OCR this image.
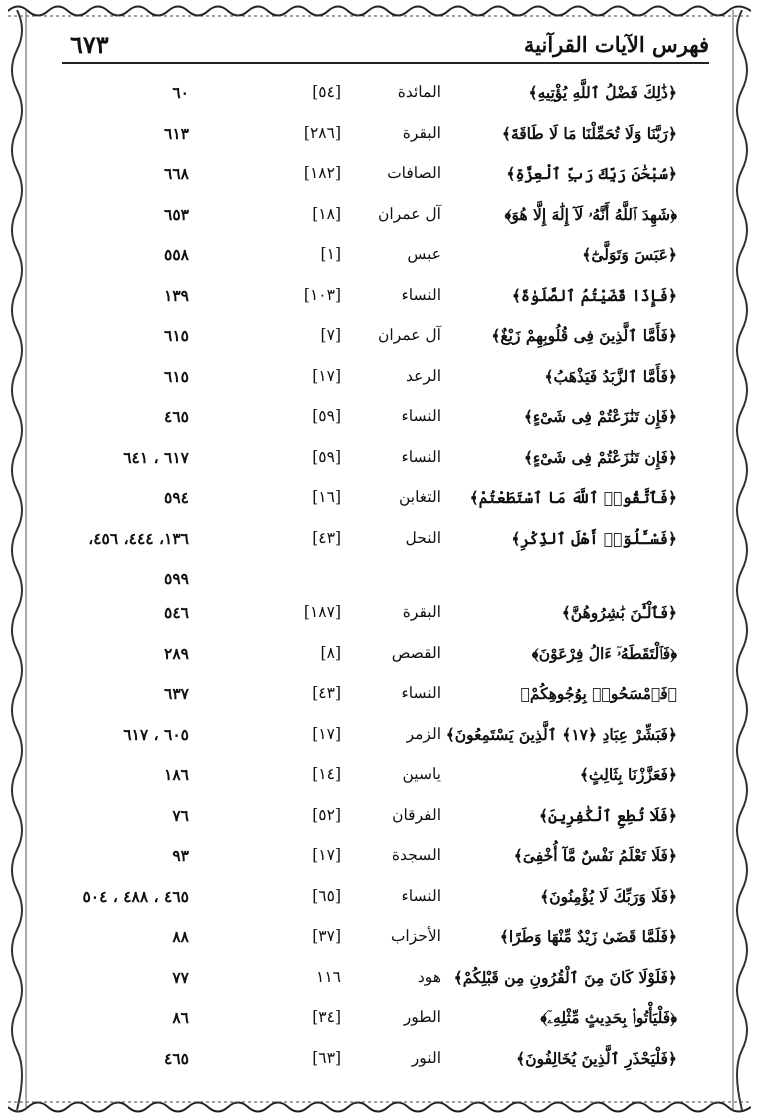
فهرس الآيات القرآنية
٦٧٣
﴿ذَٰلِكَ فَضْلُ ٱللَّهِ يُؤْتِيهِ﴾
المائدة
[٥٤]
٦٠
﴿رَبَّنَا وَلَا تُحَمِّلْنَا مَا لَا طَاقَةَ﴾
البقرة
[٢٨٦]
٦١٣
﴿سُبْحَٰنَ رَبِّكَ رَبِّ ٱلْعِزَّةِ﴾
الصافات
[١٨٢]
٦٦٨
﴿شَهِدَ ٱللَّهُ أَنَّهُۥ لَآ إِلَٰهَ إِلَّا هُوَ﴾
آل عمران
[١٨]
٦٥٣
﴿عَبَسَ وَتَوَلَّىٰٓ﴾
عبس
[١]
٥٥٨
﴿فَإِذَا قَضَيْتُمُ ٱلصَّلَوٰةَ﴾
النساء
[١٠٣]
١٣٩
﴿فَأَمَّا ٱلَّذِينَ فِى قُلُوبِهِمْ زَيْغٌ﴾
آل عمران
[٧]
٦١٥
﴿فَأَمَّا ٱلزَّبَدُ فَيَذْهَبُ﴾
الرعد
[١٧]
٦١٥
﴿فَإِن تَنَٰزَعْتُمْ فِى شَىْءٍ﴾
النساء
[٥٩]
٤٦٥
﴿فَإِن تَنَٰزَعْتُمْ فِى شَىْءٍ﴾
النساء
[٥٩]
٦١٧ ، ٦٤١
﴿فَٱتَّقُوا۟ ٱللَّهَ مَا ٱسْتَطَعْتُمْ﴾
التغابن
[١٦]
٥٩٤
﴿فَسْـَٔلُوٓا۟ أَهْلَ ٱلذِّكْرِ﴾
النحل
[٤٣]
١٣٦، ٤٤٤، ٤٥٦،
٥٩٩
﴿فَٱلْـَٰٔنَ بَٰشِرُوهُنَّ﴾
البقرة
[١٨٧]
٥٤٦
﴿فَٱلْتَقَطَهُۥٓ ءَالُ فِرْعَوْنَ﴾
القصص
[٨]
٢٨٩
﴿فَٱمْسَحُوا۟ بِوُجُوهِكُمْ﴾
النساء
[٤٣]
٦٣٧
﴿فَبَشِّرْ عِبَادِ ﴿١٧﴾ ٱلَّذِينَ يَسْتَمِعُونَ﴾
الزمر
[١٧]
٦٠٥ ، ٦١٧
﴿فَعَزَّزْنَا بِثَالِثٍ﴾
ياسين
[١٤]
١٨٦
﴿فَلَا تُطِعِ ٱلْكَٰفِرِينَ﴾
الفرقان
[٥٢]
٧٦
﴿فَلَا تَعْلَمُ نَفْسٌ مَّآ أُخْفِىَ﴾
السجدة
[١٧]
٩٣
﴿فَلَا وَرَبِّكَ لَا يُؤْمِنُونَ﴾
النساء
[٦٥]
٤٦٥ ، ٤٨٨ ، ٥٠٤
﴿فَلَمَّا قَضَىٰ زَيْدٌ مِّنْهَا وَطَرًا﴾
الأحزاب
[٣٧]
٨٨
﴿فَلَوْلَا كَانَ مِنَ ٱلْقُرُونِ مِن قَبْلِكُمْ﴾
هود
١١٦
٧٧
﴿فَلْيَأْتُوا۟ بِحَدِيثٍ مِّثْلِهِۦٓ﴾
الطور
[٣٤]
٨٦
﴿فَلْيَحْذَرِ ٱلَّذِينَ يُخَالِفُونَ﴾
النور
[٦٣]
٤٦٥
